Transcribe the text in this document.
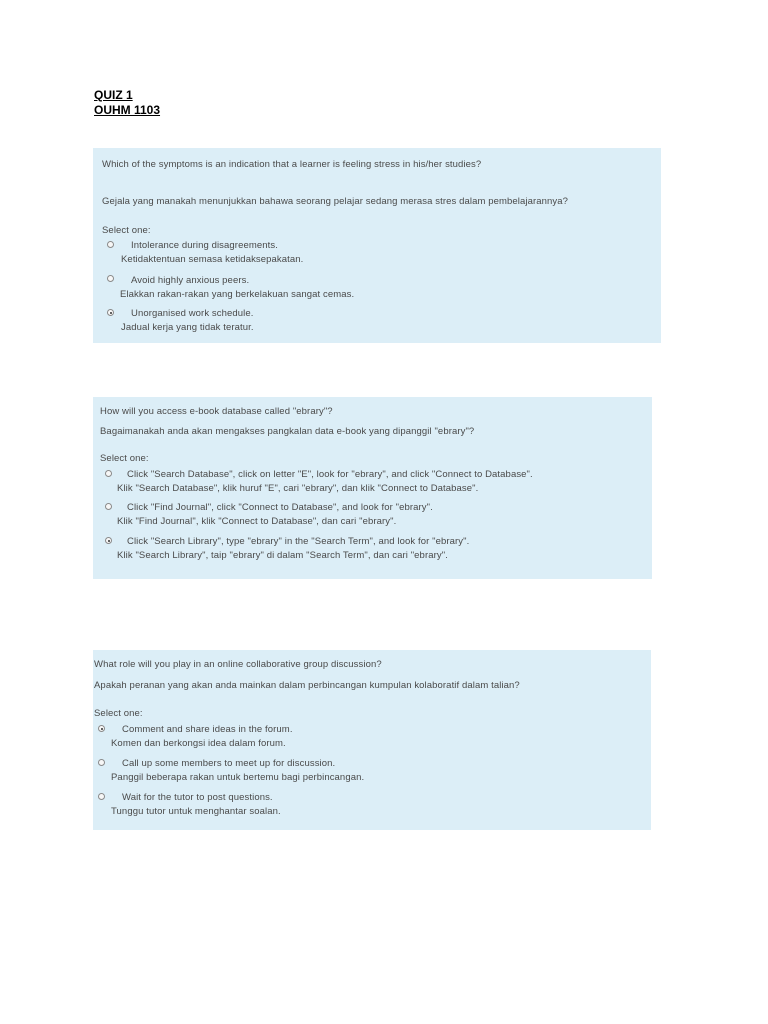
QUIZ 1
OUHM 1103
Which of the symptoms is an indication that a learner is feeling stress in his/her studies?
Gejala yang manakah menunjukkan bahawa seorang pelajar sedang merasa stres dalam pembelajarannya?
Select one:
Intolerance during disagreements.
Ketidaktentuan semasa ketidaksepakatan.
Avoid highly anxious peers.
Elakkan rakan-rakan yang berkelakuan sangat cemas.
Unorganised work schedule.
Jadual kerja yang tidak teratur.
How will you access e-book database called "ebrary"?
Bagaimanakah anda akan mengakses pangkalan data e-book yang dipanggil "ebrary"?
Select one:
Click "Search Database", click on letter "E", look for "ebrary", and click "Connect to Database".
Klik "Search Database", klik huruf "E", cari "ebrary", dan klik "Connect to Database".
Click "Find Journal", click "Connect to Database", and look for "ebrary".
Klik "Find Journal", klik "Connect to Database", dan cari "ebrary".
Click "Search Library", type "ebrary" in the "Search Term", and look for "ebrary".
Klik "Search Library", taip "ebrary" di dalam "Search Term", dan cari "ebrary".
What role will you play in an online collaborative group discussion?
Apakah peranan yang akan anda mainkan dalam perbincangan kumpulan kolaboratif dalam talian?
Select one:
Comment and share ideas in the forum.
Komen dan berkongsi idea dalam forum.
Call up some members to meet up for discussion.
Panggil beberapa rakan untuk bertemu bagi perbincangan.
Wait for the tutor to post questions.
Tunggu tutor untuk menghantar soalan.
